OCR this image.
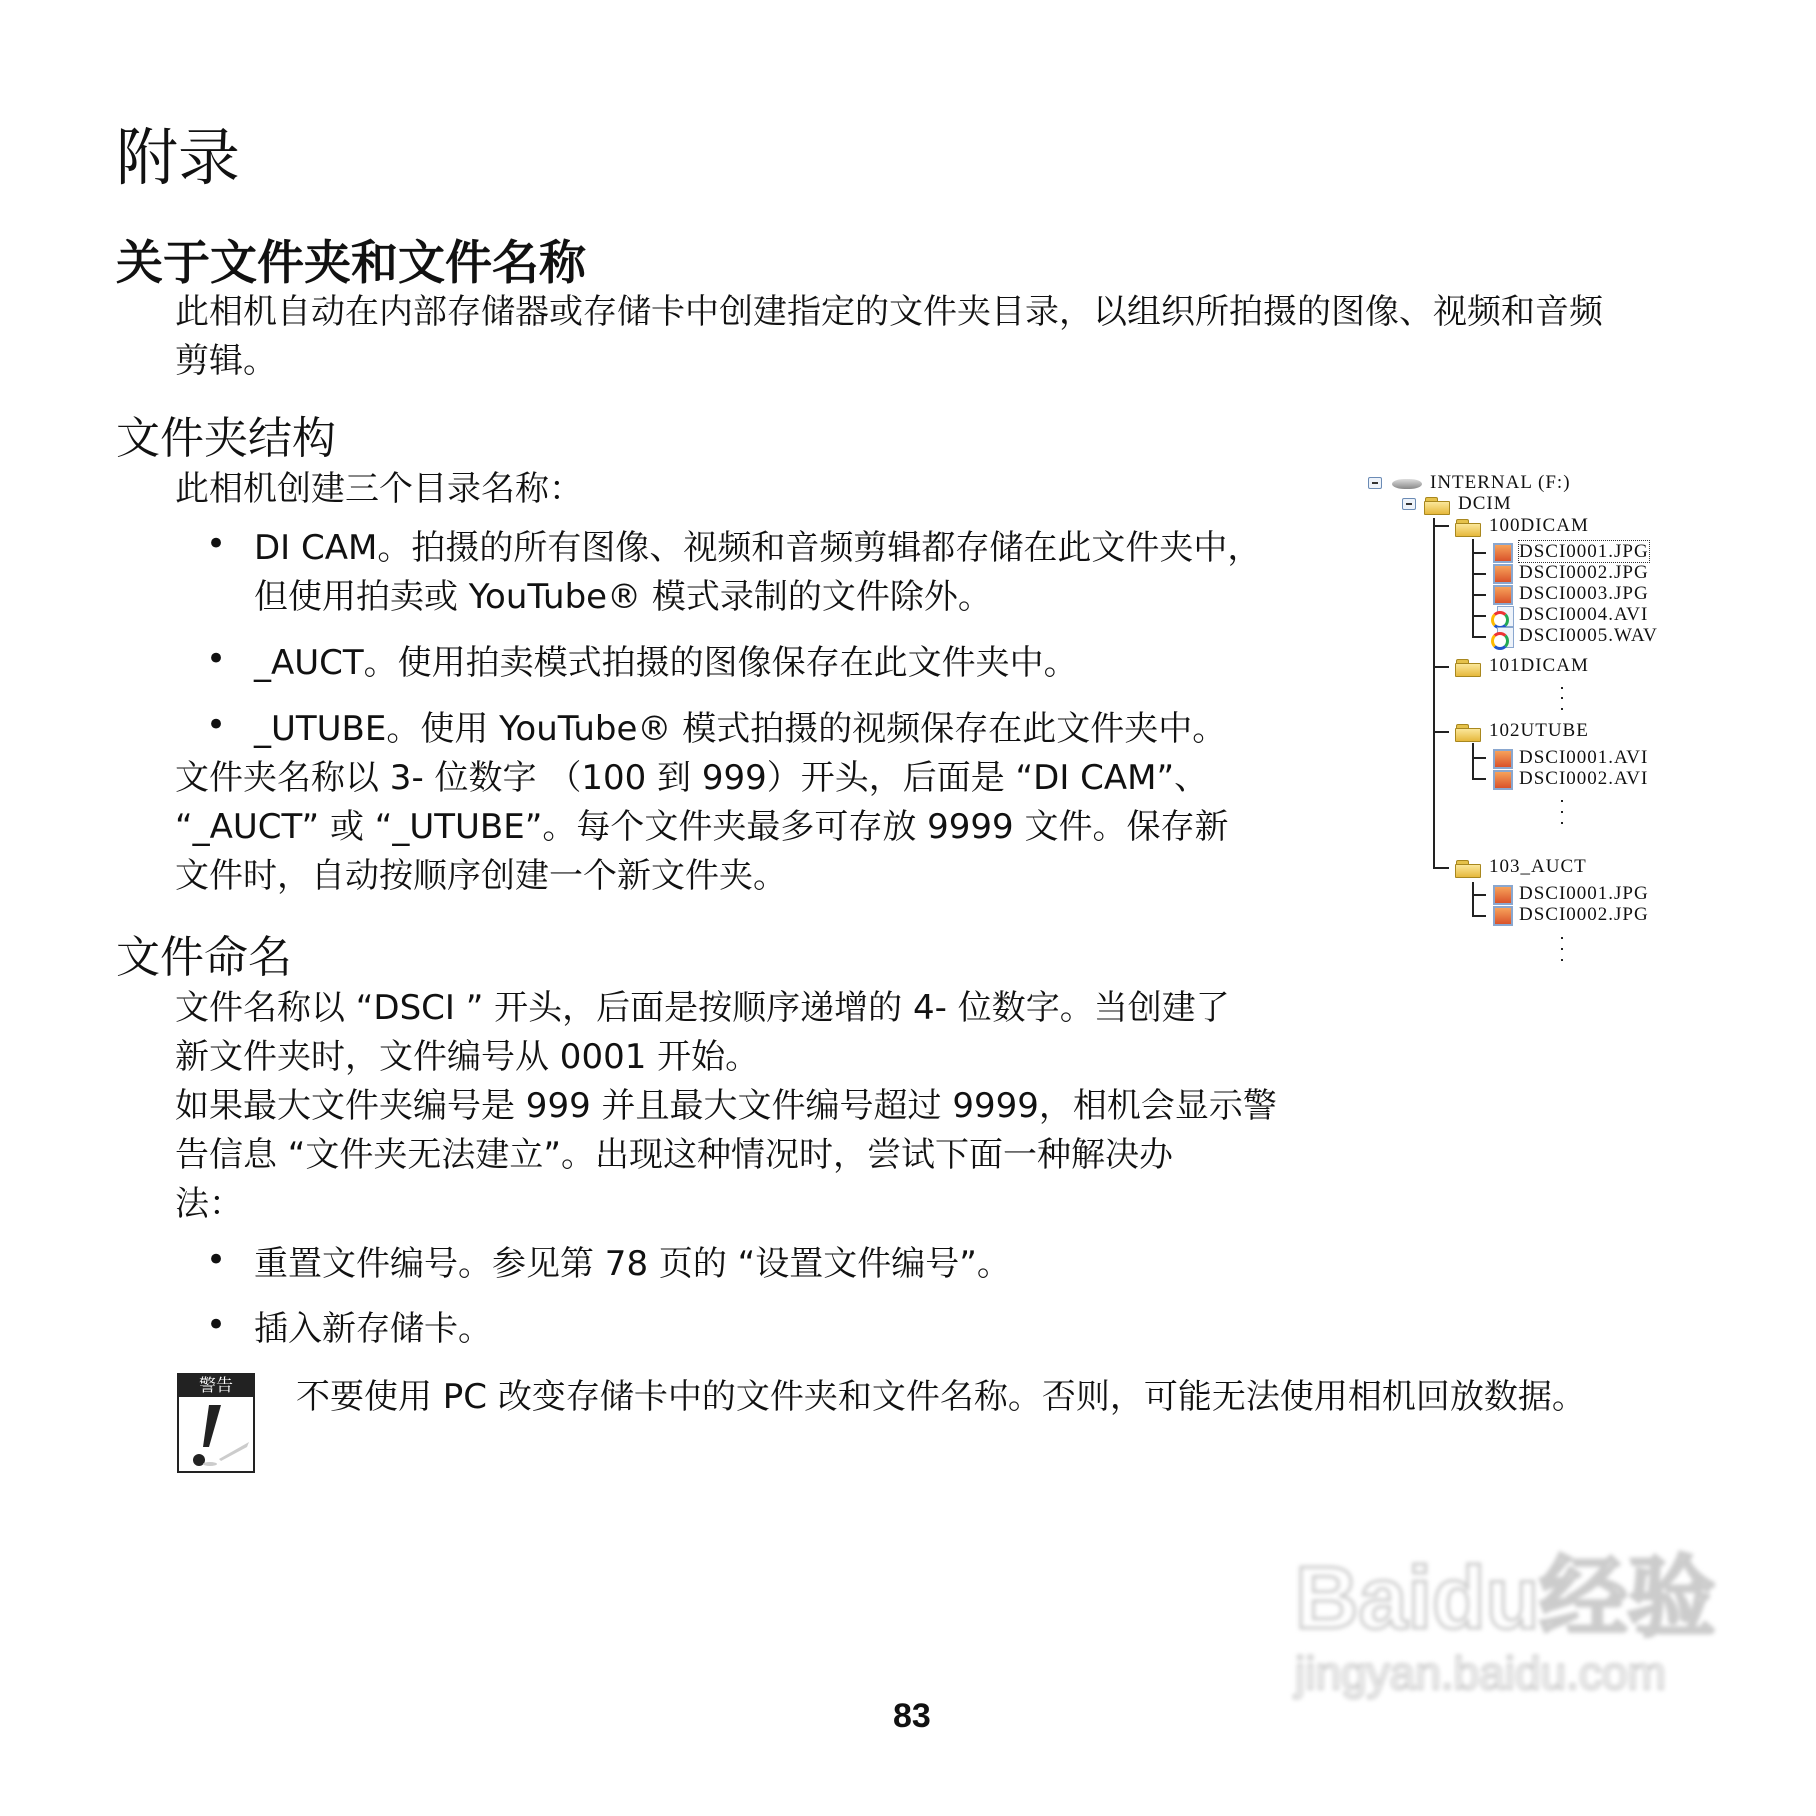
附录
关于文件夹和文件名称
此相机自动在内部存储器或存储卡中创建指定的文件夹目录，以组织所拍摄的图像、视频和音频
剪辑。
文件夹结构
此相机创建三个目录名称：
• DI CAM。拍摄的所有图像、视频和音频剪辑都存储在此文件夹中，
但使用拍卖或 YouTube® 模式录制的文件除外。
• _AUCT。使用拍卖模式拍摄的图像保存在此文件夹中。
• _UTUBE。使用 YouTube® 模式拍摄的视频保存在此文件夹中。
文件夹名称以 3- 位数字 （100 到 999）开头，后面是 “DI CAM”、
“_AUCT” 或 “_UTUBE”。每个文件夹最多可存放 9999 文件。保存新
文件时，自动按顺序创建一个新文件夹。
文件命名
文件名称以 “DSCI ” 开头，后面是按顺序递增的 4- 位数字。当创建了
新文件夹时，文件编号从 0001 开始。
如果最大文件夹编号是 999 并且最大文件编号超过 9999，相机会显示警
告信息 “文件夹无法建立”。出现这种情况时，尝试下面一种解决办
法：
• 重置文件编号。参见第 78 页的 “设置文件编号”。
• 插入新存储卡。
警告	不要使用 PC 改变存储卡中的文件夹和文件名称。否则，可能无法使用相机回放数据。
INTERNAL (F:)
DCIM
100DICAM
DSCI0001.JPG
DSCI0002.JPG
DSCI0003.JPG
DSCI0004.AVI
DSCI0005.WAV
101DICAM
102UTUBE
DSCI0001.AVI
DSCI0002.AVI
103_AUCT
DSCI0001.JPG
DSCI0002.JPG
83
Baidu经验
jingyan.baidu.com
